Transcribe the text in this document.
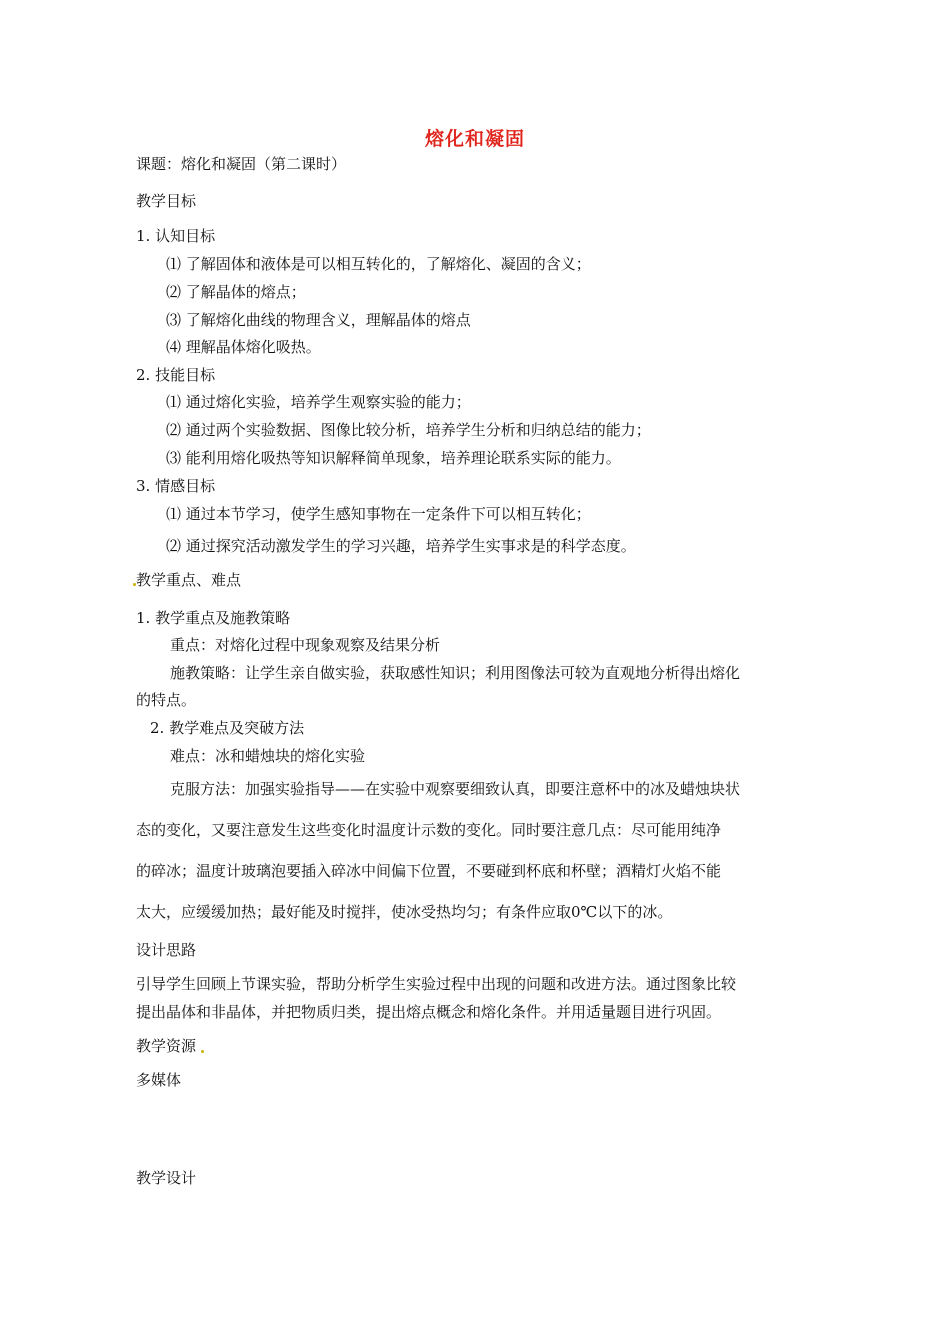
熔化和凝固
课题：熔化和凝固（第二课时）
教学目标
1. 认知目标
⑴ 了解固体和液体是可以相互转化的，了解熔化、凝固的含义；
⑵ 了解晶体的熔点；
⑶ 了解熔化曲线的物理含义，理解晶体的熔点
⑷ 理解晶体熔化吸热。
2. 技能目标
⑴ 通过熔化实验，培养学生观察实验的能力；
⑵ 通过两个实验数据、图像比较分析，培养学生分析和归纳总结的能力；
⑶ 能利用熔化吸热等知识解释简单现象，培养理论联系实际的能力。
3. 情感目标
⑴ 通过本节学习，使学生感知事物在一定条件下可以相互转化；
⑵ 通过探究活动激发学生的学习兴趣，培养学生实事求是的科学态度。
教学重点、难点
1. 教学重点及施教策略
重点：对熔化过程中现象观察及结果分析
施教策略：让学生亲自做实验，获取感性知识；利用图像法可较为直观地分析得出熔化
的特点。
2. 教学难点及突破方法
难点：冰和蜡烛块的熔化实验
克服方法：加强实验指导——在实验中观察要细致认真，即要注意杯中的冰及蜡烛块状
态的变化，又要注意发生这些变化时温度计示数的变化。同时要注意几点：尽可能用纯净
的碎冰；温度计玻璃泡要插入碎冰中间偏下位置，不要碰到杯底和杯壁；酒精灯火焰不能
太大，应缓缓加热；最好能及时搅拌，使冰受热均匀；有条件应取0℃以下的冰。
设计思路
引导学生回顾上节课实验，帮助分析学生实验过程中出现的问题和改进方法。通过图象比较
提出晶体和非晶体，并把物质归类，提出熔点概念和熔化条件。并用适量题目进行巩固。
教学资源
多媒体
教学设计
